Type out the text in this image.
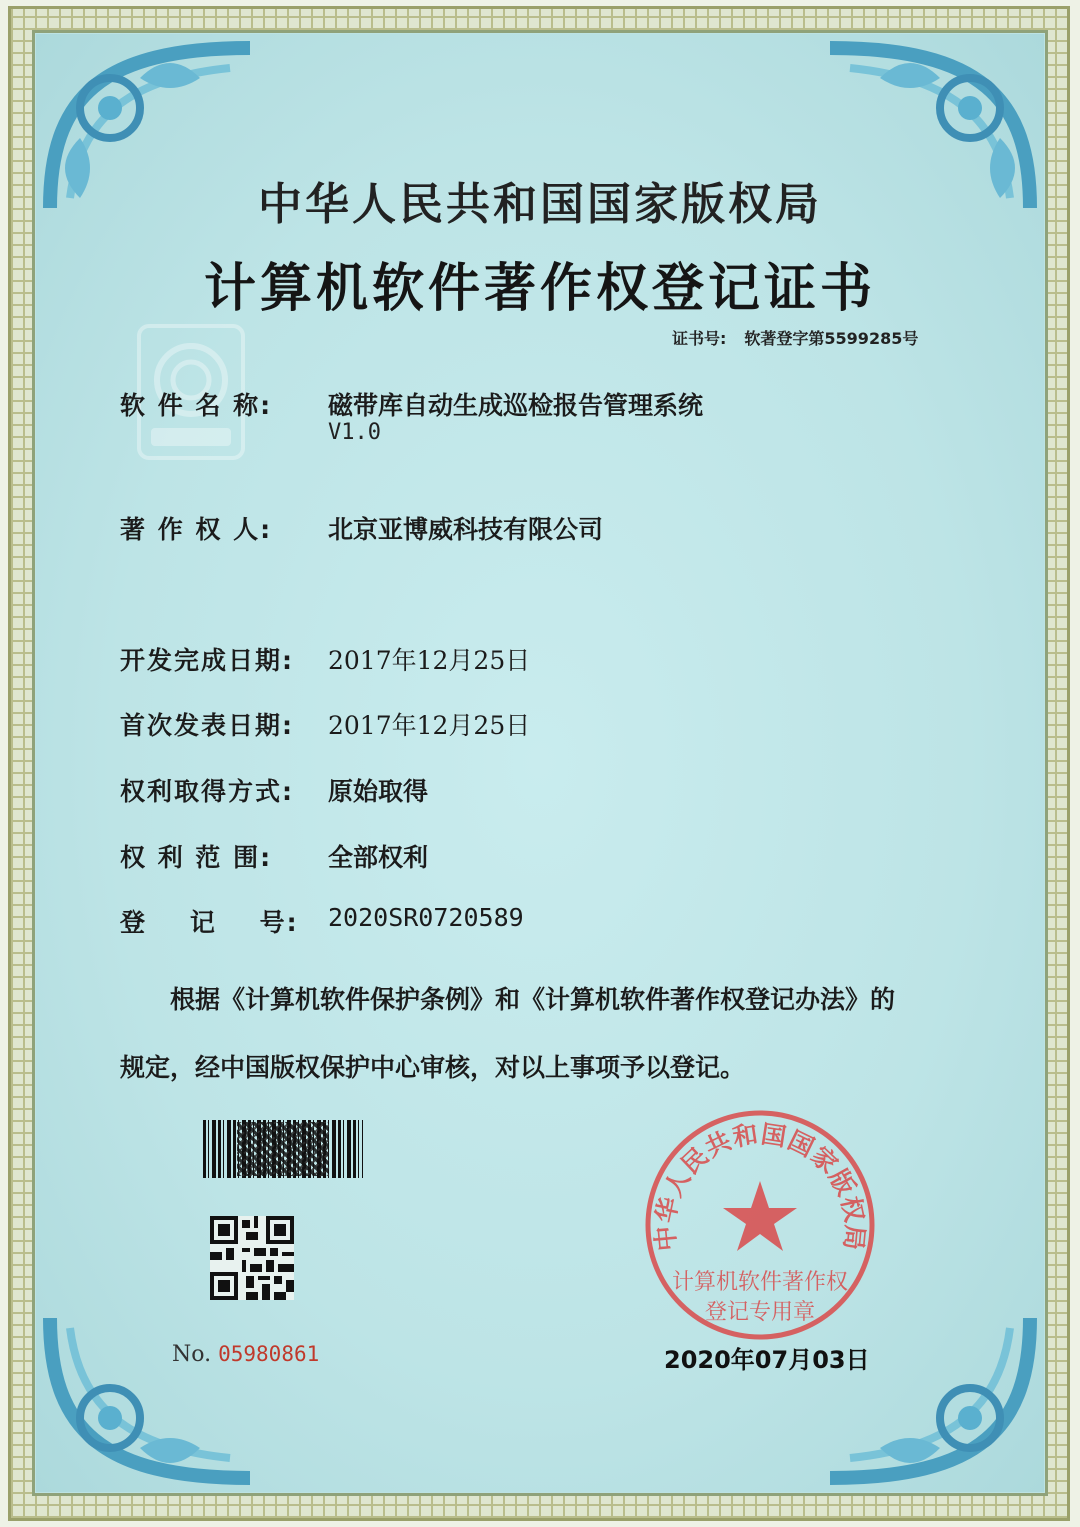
中华人民共和国国家版权局
计算机软件著作权登记证书
证书号: 软著登字第5599285号
软 件 名 称: 磁带库自动生成巡检报告管理系统
V1.0
著 作 权 人: 北京亚博威科技有限公司
开发完成日期: 2017年12月25日
首次发表日期: 2017年12月25日
权利取得方式: 原始取得
权 利 范 围: 全部权利
登    记    号: 2020SR0720589
根据《计算机软件保护条例》和《计算机软件著作权登记办法》的
规定，经中国版权保护中心审核，对以上事项予以登记。
No. 05980861
中华人民共和国国家版权局
计算机软件著作权
登记专用章
2020年07月03日
